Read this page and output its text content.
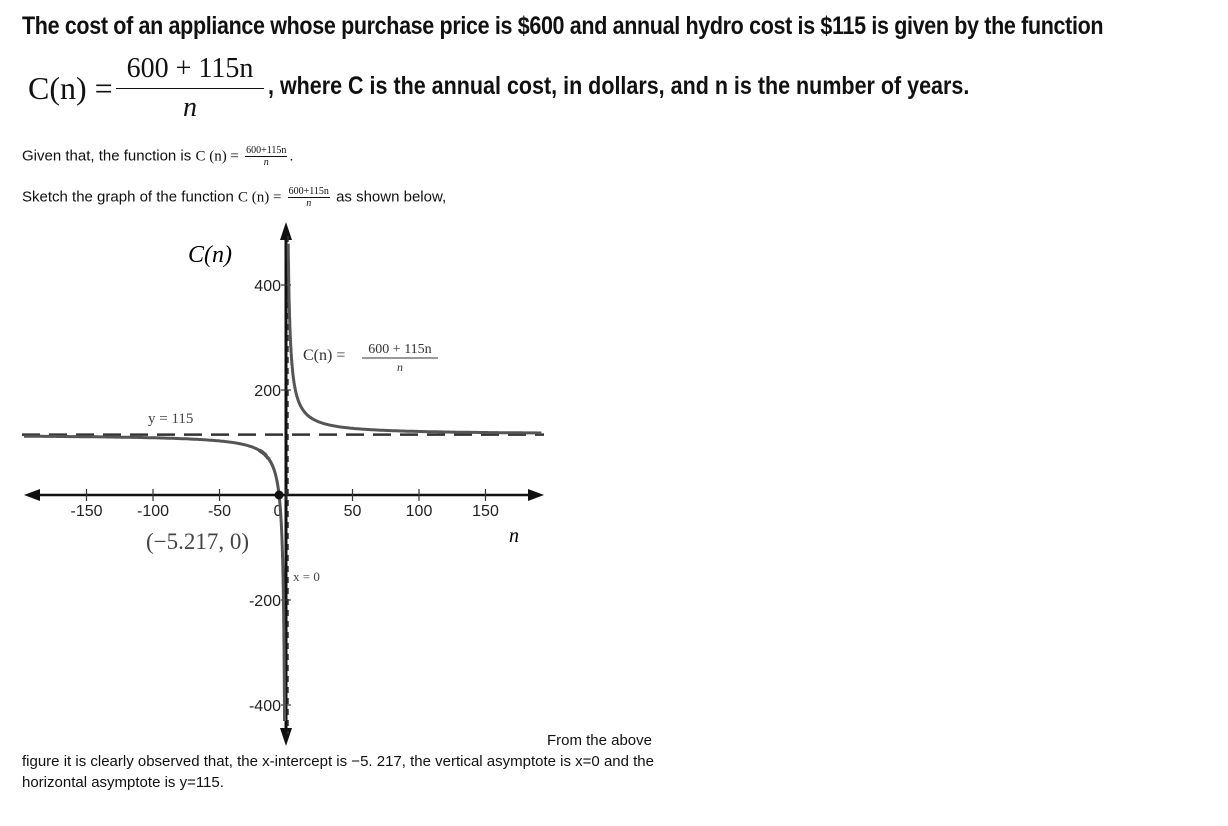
The cost of an appliance whose purchase price is $600 and annual hydro cost is $115 is given by the function
C(n) =
600 + 115n
n
, where C is the annual cost, in dollars, and n is the number of years.
Given that, the function is C $(n) = \frac{600+115n}{n}$ .
Sketch the graph of the function C $(n) = \frac{600+115n}{n}$ as shown below,
-150 -100 -50	0	50	100 150
400
200
-200
-400
C(n)
n
y = 115
x = 0
(−5.217, 0)
C(n) = 600 + 115n
n
From the above
figure it is clearly observed that, the x-intercept is −5. 217, the vertical asymptote is x=0 and the horizontal asymptote is y=115.
